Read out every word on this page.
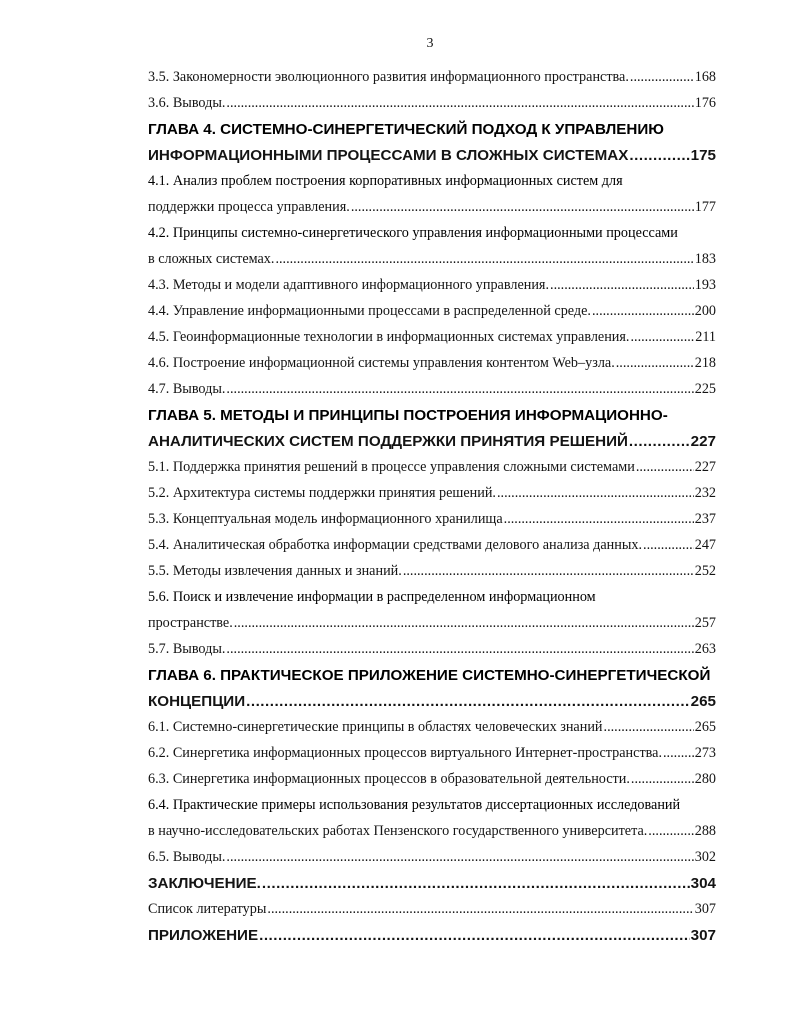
3
3.5. Закономерности эволюционного развития информационного пространства. .....	168
3.6. Выводы. .....	176
ГЛАВА 4. СИСТЕМНО-СИНЕРГЕТИЧЕСКИЙ ПОДХОД К УПРАВЛЕНИЮ
ИНФОРМАЦИОННЫМИ ПРОЦЕССАМИ В СЛОЖНЫХ СИСТЕМАХ .....	175
4.1. Анализ проблем построения корпоративных информационных систем для
поддержки процесса управления. .....	177
4.2. Принципы системно-синергетического управления информационными процессами
в сложных системах. .....	183
4.3. Методы и модели адаптивного информационного управления. .....	193
4.4. Управление информационными процессами в распределенной среде. .....	200
4.5. Геоинформационные технологии в информационных системах управления. .....	211
4.6. Построение информационной системы управления контентом Web–узла. .....	218
4.7. Выводы. .....	225
ГЛАВА 5. МЕТОДЫ И ПРИНЦИПЫ ПОСТРОЕНИЯ ИНФОРМАЦИОННО-
АНАЛИТИЧЕСКИХ СИСТЕМ ПОДДЕРЖКИ ПРИНЯТИЯ РЕШЕНИЙ .....	227
5.1. Поддержка принятия решений в процессе управления сложными системами .....	227
5.2. Архитектура системы поддержки принятия решений. .....	232
5.3. Концептуальная модель информационного хранилища .....	237
5.4. Аналитическая обработка информации средствами делового анализа данных. .....	247
5.5. Методы извлечения данных и знаний. .....	252
5.6. Поиск и извлечение информации в распределенном информационном
пространстве. .....	257
5.7. Выводы. .....	263
ГЛАВА 6. ПРАКТИЧЕСКОЕ ПРИЛОЖЕНИЕ СИСТЕМНО-СИНЕРГЕТИЧЕСКОЙ
КОНЦЕПЦИИ .....	265
6.1. Системно-синергетические принципы в областях человеческих знаний .....	265
6.2. Синергетика информационных процессов виртуального Интернет-пространства. ..... 273
6.3. Синергетика информационных процессов в образовательной деятельности. .....	280
6.4. Практические примеры использования результатов диссертационных исследований
в научно-исследовательских работах Пензенского государственного университета. .....	288
6.5. Выводы. .....	302
ЗАКЛЮЧЕНИЕ. .....	304
Список литературы .....	307
ПРИЛОЖЕНИЕ .....	307
